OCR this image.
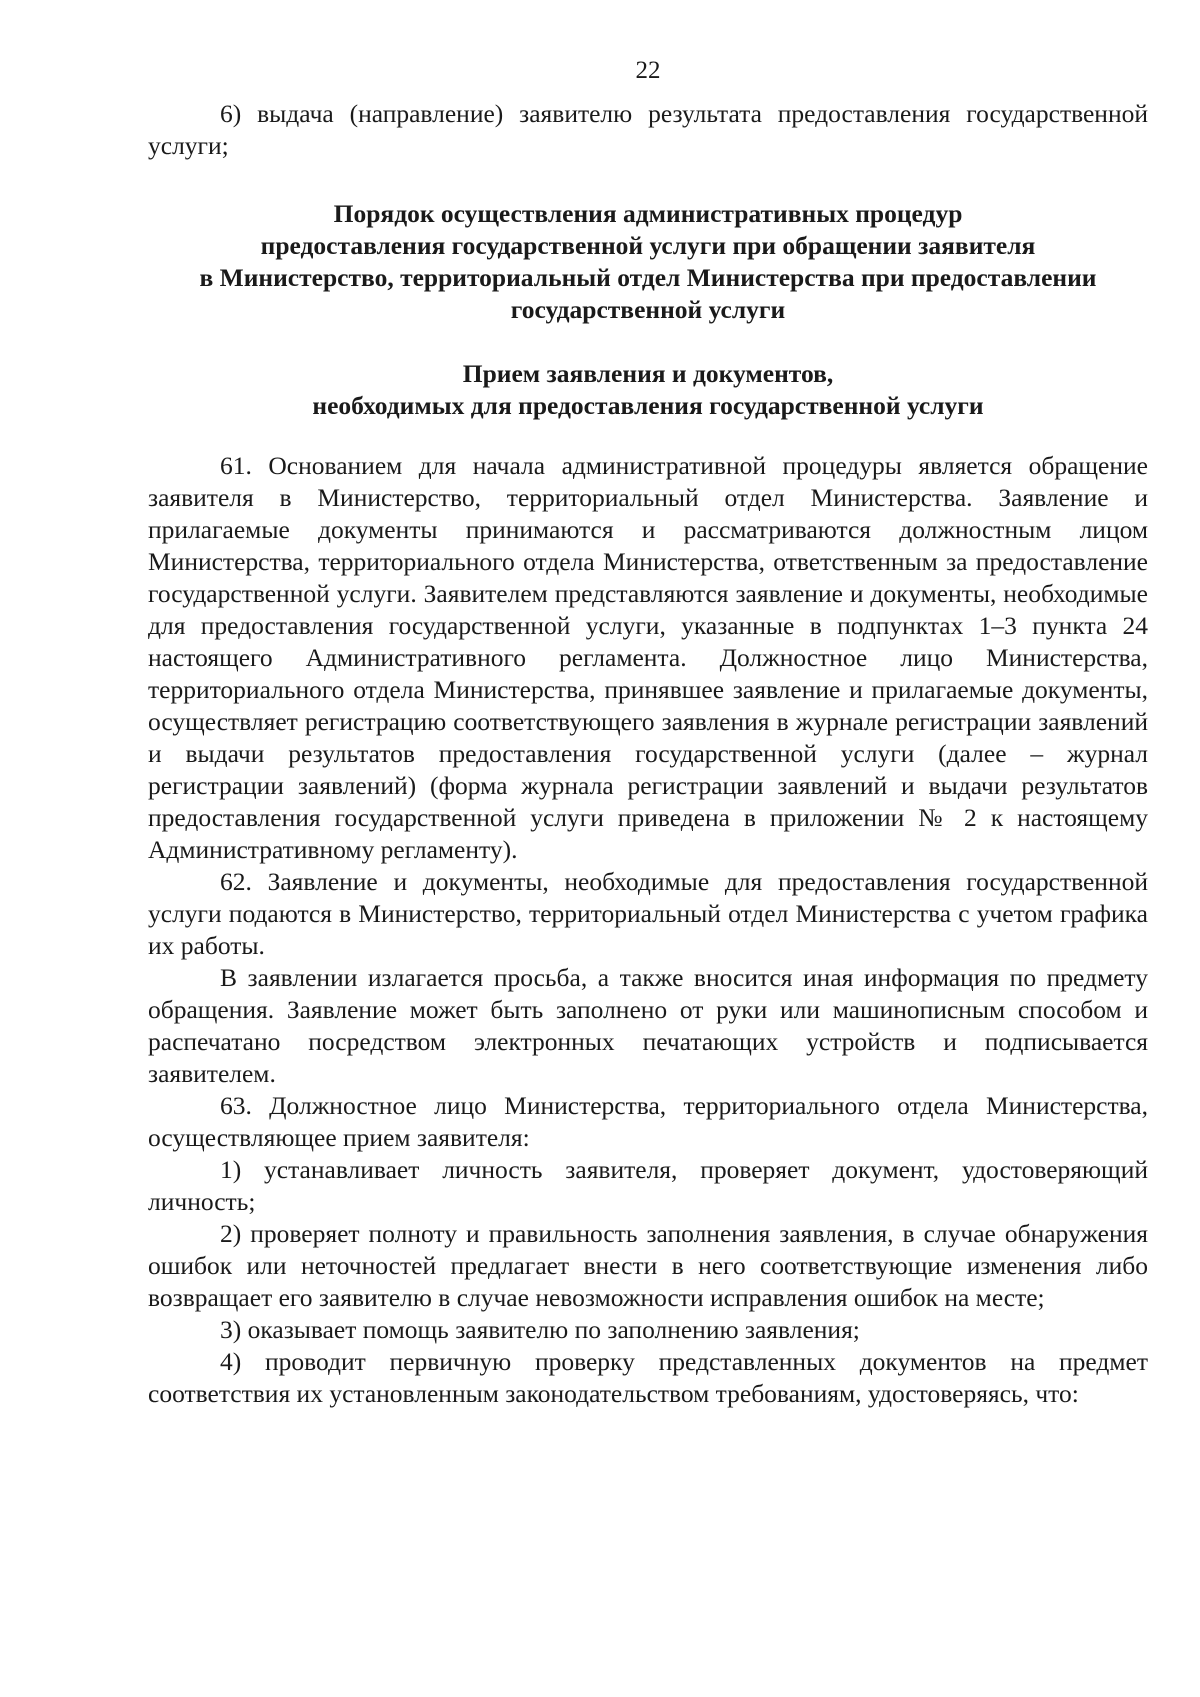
22

6) выдача (направление) заявителю результата предоставления государственной услуги;

Порядок осуществления административных процедур
предоставления государственной услуги при обращении заявителя
в Министерство, территориальный отдел Министерства при предоставлении
государственной услуги
Прием заявления и документов,
необходимых для предоставления государственной услуги

61. Основанием для начала административной процедуры является обращение заявителя в Министерство, территориальный отдел Министерства. Заявление и прилагаемые документы принимаются и рассматриваются должностным лицом Министерства, территориального отдела Министерства, ответственным за предоставление государственной услуги. Заявителем представляются заявление и документы, необходимые для предоставления государственной услуги, указанные в подпунктах 1–3 пункта 24 настоящего Административного регламента. Должностное лицо Министерства, территориального отдела Министерства, принявшее заявление и прилагаемые документы, осуществляет регистрацию соответствующего заявления в журнале регистрации заявлений и выдачи результатов предоставления государственной услуги (далее – журнал регистрации заявлений) (форма журнала регистрации заявлений и выдачи результатов предоставления государственной услуги приведена в приложении № 2 к настоящему Административному регламенту).

62. Заявление и документы, необходимые для предоставления государственной услуги подаются в Министерство, территориальный отдел Министерства с учетом графика их работы.

В заявлении излагается просьба, а также вносится иная информация по предмету обращения. Заявление может быть заполнено от руки или машинописным способом и распечатано посредством электронных печатающих устройств и подписывается заявителем.

63. Должностное лицо Министерства, территориального отдела Министерства, осуществляющее прием заявителя:

1) устанавливает личность заявителя, проверяет документ, удостоверяющий личность;

2) проверяет полноту и правильность заполнения заявления, в случае обнаружения ошибок или неточностей предлагает внести в него соответствующие изменения либо возвращает его заявителю в случае невозможности исправления ошибок на месте;

3) оказывает помощь заявителю по заполнению заявления;

4) проводит первичную проверку представленных документов на предмет соответствия их установленным законодательством требованиям, удостоверяясь, что:
